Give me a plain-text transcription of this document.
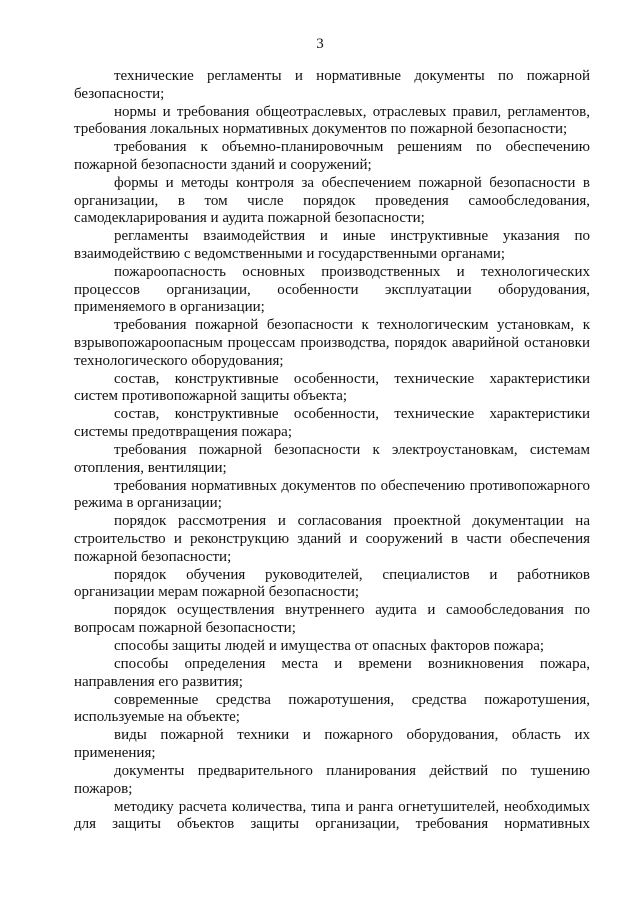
3

технические регламенты и нормативные документы по пожарной безопасности;

нормы и требования общеотраслевых, отраслевых правил, регламентов, требования локальных нормативных документов по пожарной безопасности;

требования к объемно-планировочным решениям по обеспечению пожарной безопасности зданий и сооружений;

формы и методы контроля за обеспечением пожарной безопасности в организации, в том числе порядок проведения самообследования, самодекларирования и аудита пожарной безопасности;

регламенты взаимодействия и иные инструктивные указания по взаимодействию с ведомственными и государственными органами;

пожароопасность основных производственных и технологических процессов организации, особенности эксплуатации оборудования, применяемого в организации;

требования пожарной безопасности к технологическим установкам, к взрывопожароопасным процессам производства, порядок аварийной остановки технологического оборудования;

состав, конструктивные особенности, технические характеристики систем противопожарной защиты объекта;

состав, конструктивные особенности, технические характеристики системы предотвращения пожара;

требования пожарной безопасности к электроустановкам, системам отопления, вентиляции;

требования нормативных документов по обеспечению противопожарного режима в организации;

порядок рассмотрения и согласования проектной документации на строительство и реконструкцию зданий и сооружений в части обеспечения пожарной безопасности;

порядок обучения руководителей, специалистов и работников организации мерам пожарной безопасности;

порядок осуществления внутреннего аудита и самообследования по вопросам пожарной безопасности;

способы защиты людей и имущества от опасных факторов пожара;

способы определения места и времени возникновения пожара, направления его развития;

современные средства пожаротушения, средства пожаротушения, используемые на объекте;

виды пожарной техники и пожарного оборудования, область их применения;

документы предварительного планирования действий по тушению пожаров;

методику расчета количества, типа и ранга огнетушителей, необходимых для защиты объектов защиты организации, требования нормативных
